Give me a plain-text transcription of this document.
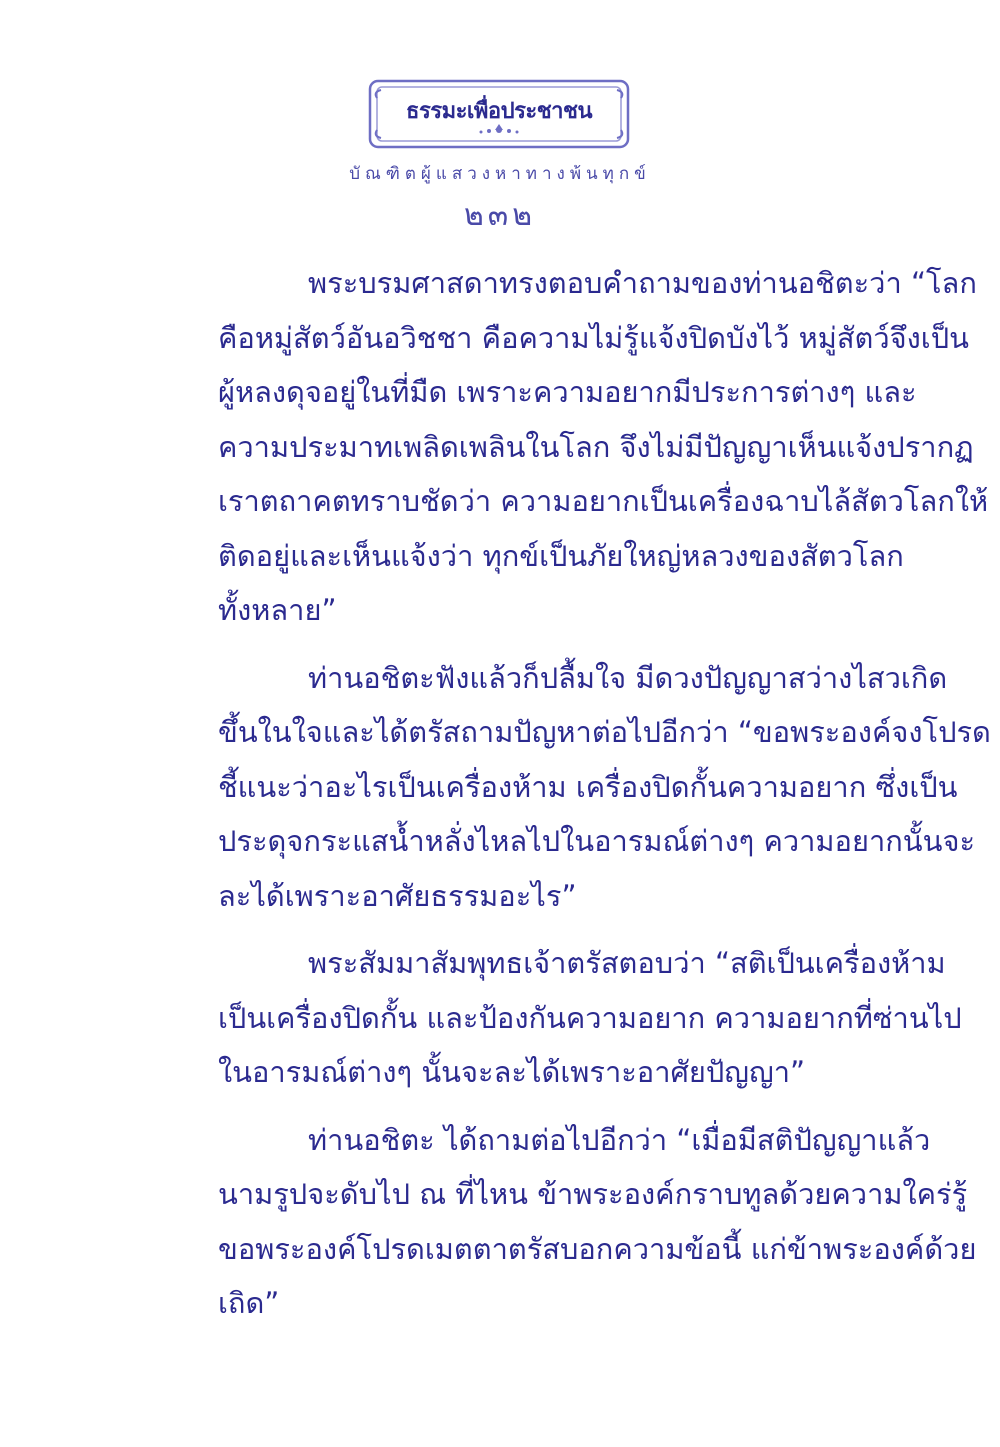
ธรรมะเพื่อประชาชน
บัณฑิตผู้แสวงหาทางพ้นทุกข์
๒๓๒
พระบรมศาสดาทรงตอบคำถามของท่านอชิตะว่า “โลก
คือหมู่สัตว์อันอวิชชา คือความไม่รู้แจ้งปิดบังไว้ หมู่สัตว์จึงเป็น
ผู้หลงดุจอยู่ในที่มืด เพราะความอยากมีประการต่างๆ และ
ความประมาทเพลิดเพลินในโลก จึงไม่มีปัญญาเห็นแจ้งปรากฏ
เราตถาคตทราบชัดว่า ความอยากเป็นเครื่องฉาบไล้สัตวโลกให้
ติดอยู่และเห็นแจ้งว่า ทุกข์เป็นภัยใหญ่หลวงของสัตวโลก
ทั้งหลาย”
ท่านอชิตะฟังแล้วก็ปลื้มใจ มีดวงปัญญาสว่างไสวเกิด
ขึ้นในใจและได้ตรัสถามปัญหาต่อไปอีกว่า “ขอพระองค์จงโปรด
ชี้แนะว่าอะไรเป็นเครื่องห้าม เครื่องปิดกั้นความอยาก ซึ่งเป็น
ประดุจกระแสน้ำหลั่งไหลไปในอารมณ์ต่างๆ ความอยากนั้นจะ
ละได้เพราะอาศัยธรรมอะไร”
พระสัมมาสัมพุทธเจ้าตรัสตอบว่า “สติเป็นเครื่องห้าม
เป็นเครื่องปิดกั้น และป้องกันความอยาก ความอยากที่ซ่านไป
ในอารมณ์ต่างๆ นั้นจะละได้เพราะอาศัยปัญญา”
ท่านอชิตะ ได้ถามต่อไปอีกว่า “เมื่อมีสติปัญญาแล้ว
นามรูปจะดับไป ณ ที่ไหน ข้าพระองค์กราบทูลด้วยความใคร่รู้
ขอพระองค์โปรดเมตตาตรัสบอกความข้อนี้ แก่ข้าพระองค์ด้วย
เถิด”
